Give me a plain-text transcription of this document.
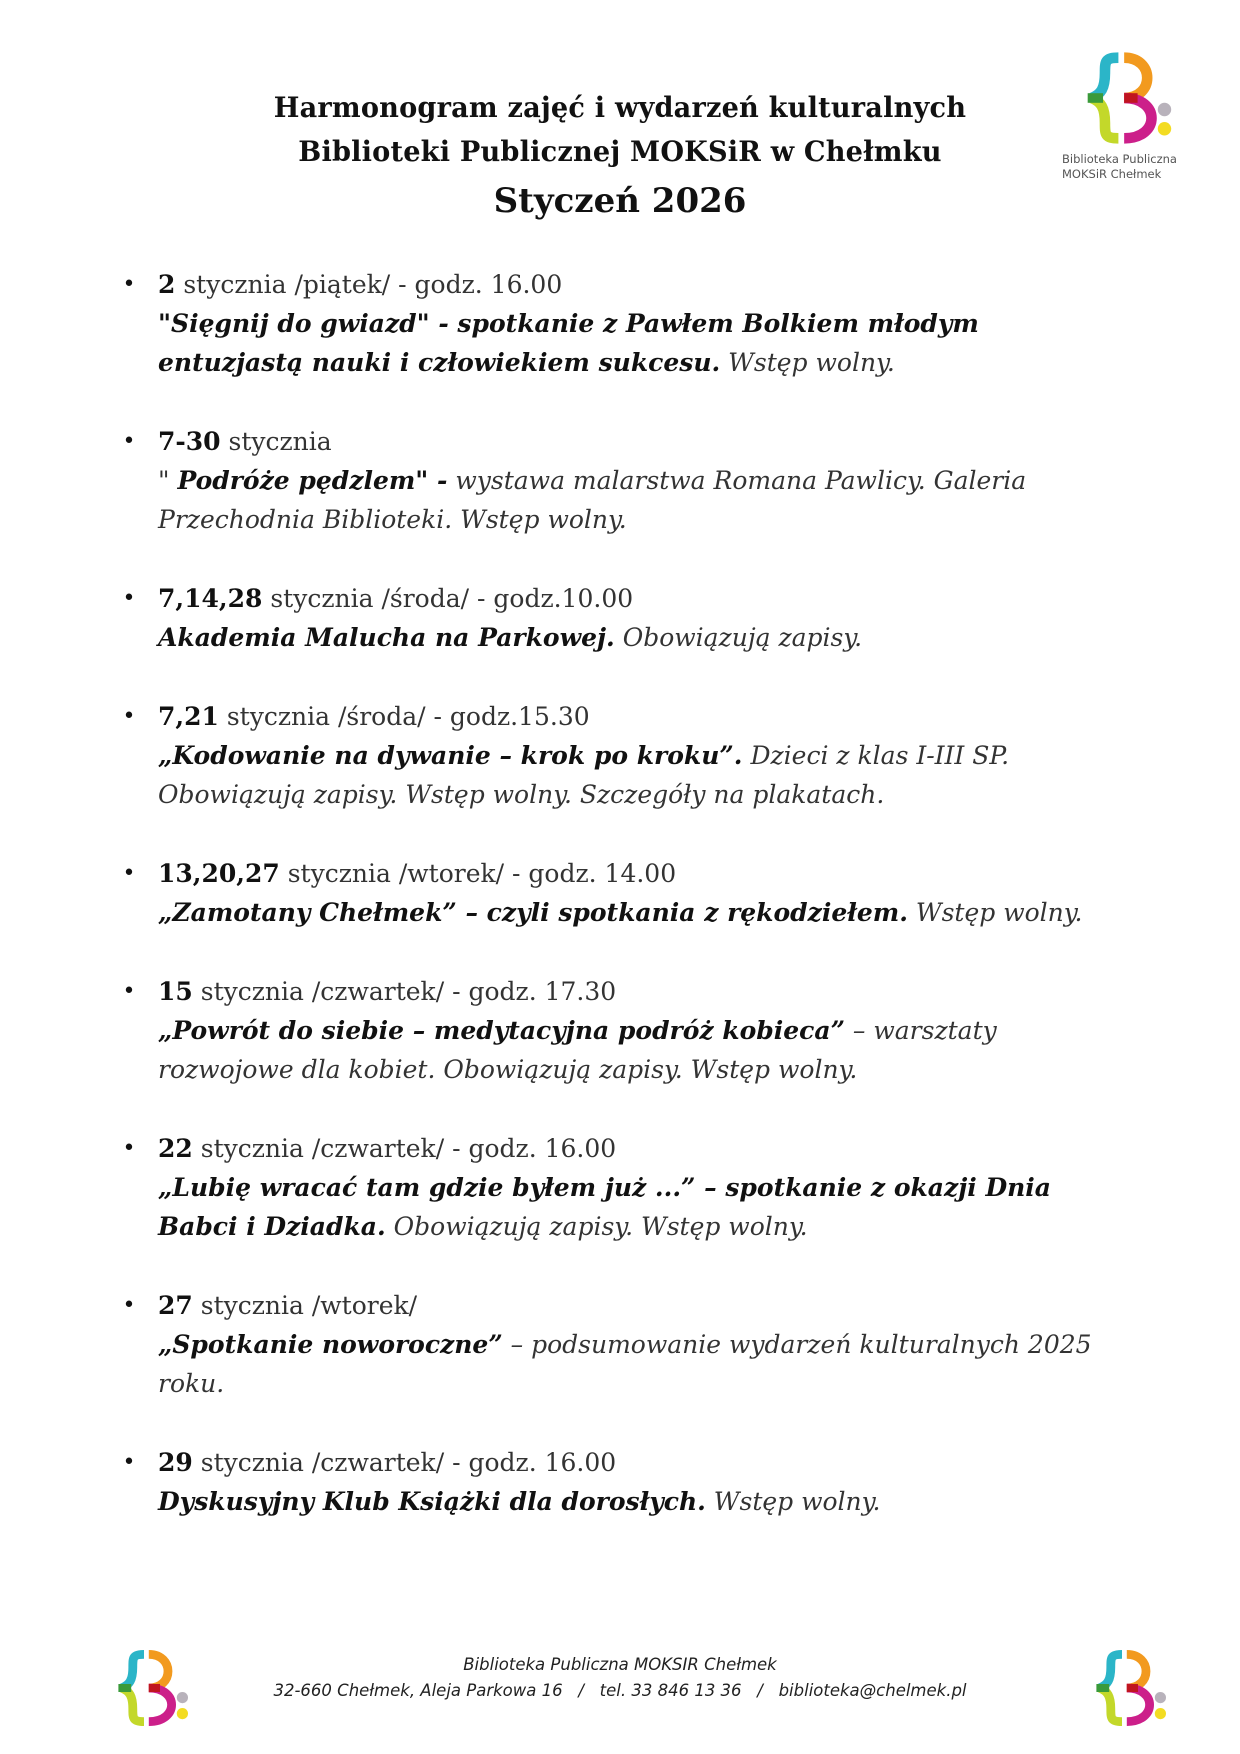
Harmonogram zajęć i wydarzeń kulturalnych
Biblioteki Publicznej MOKSiR w Chełmku
Styczeń 2026
Biblioteka Publiczna
MOKSiR Chełmek
•
2 stycznia /piątek/ - godz. 16.00
"Sięgnij do gwiazd" - spotkanie z Pawłem Bolkiem młodym entuzjastą nauki i człowiekiem sukcesu. Wstęp wolny.
•
7-30 stycznia
" Podróże pędzlem" - wystawa malarstwa Romana Pawlicy. Galeria Przechodnia Biblioteki. Wstęp wolny.
•
7,14,28 stycznia /środa/ - godz.10.00
Akademia Malucha na Parkowej. Obowiązują zapisy.
•
7,21 stycznia /środa/ - godz.15.30
„Kodowanie na dywanie – krok po kroku”. Dzieci z klas I-III SP. Obowiązują zapisy. Wstęp wolny. Szczegóły na plakatach.
•
13,20,27 stycznia /wtorek/ - godz. 14.00
„Zamotany Chełmek” – czyli spotkania z rękodziełem. Wstęp wolny.
•
15 stycznia /czwartek/ - godz. 17.30
„Powrót do siebie – medytacyjna podróż kobieca” – warsztaty rozwojowe dla kobiet. Obowiązują zapisy. Wstęp wolny.
•
22 stycznia /czwartek/ - godz. 16.00
„Lubię wracać tam gdzie byłem już ...” – spotkanie z okazji Dnia Babci i Dziadka. Obowiązują zapisy. Wstęp wolny.
•
27 stycznia /wtorek/
„Spotkanie noworoczne” – podsumowanie wydarzeń kulturalnych 2025 roku.
•
29 stycznia /czwartek/ - godz. 16.00
Dyskusyjny Klub Książki dla dorosłych. Wstęp wolny.
Biblioteka Publiczna MOKSIR Chełmek
32-660 Chełmek, Aleja Parkowa 16   /   tel. 33 846 13 36   /   biblioteka@chelmek.pl
